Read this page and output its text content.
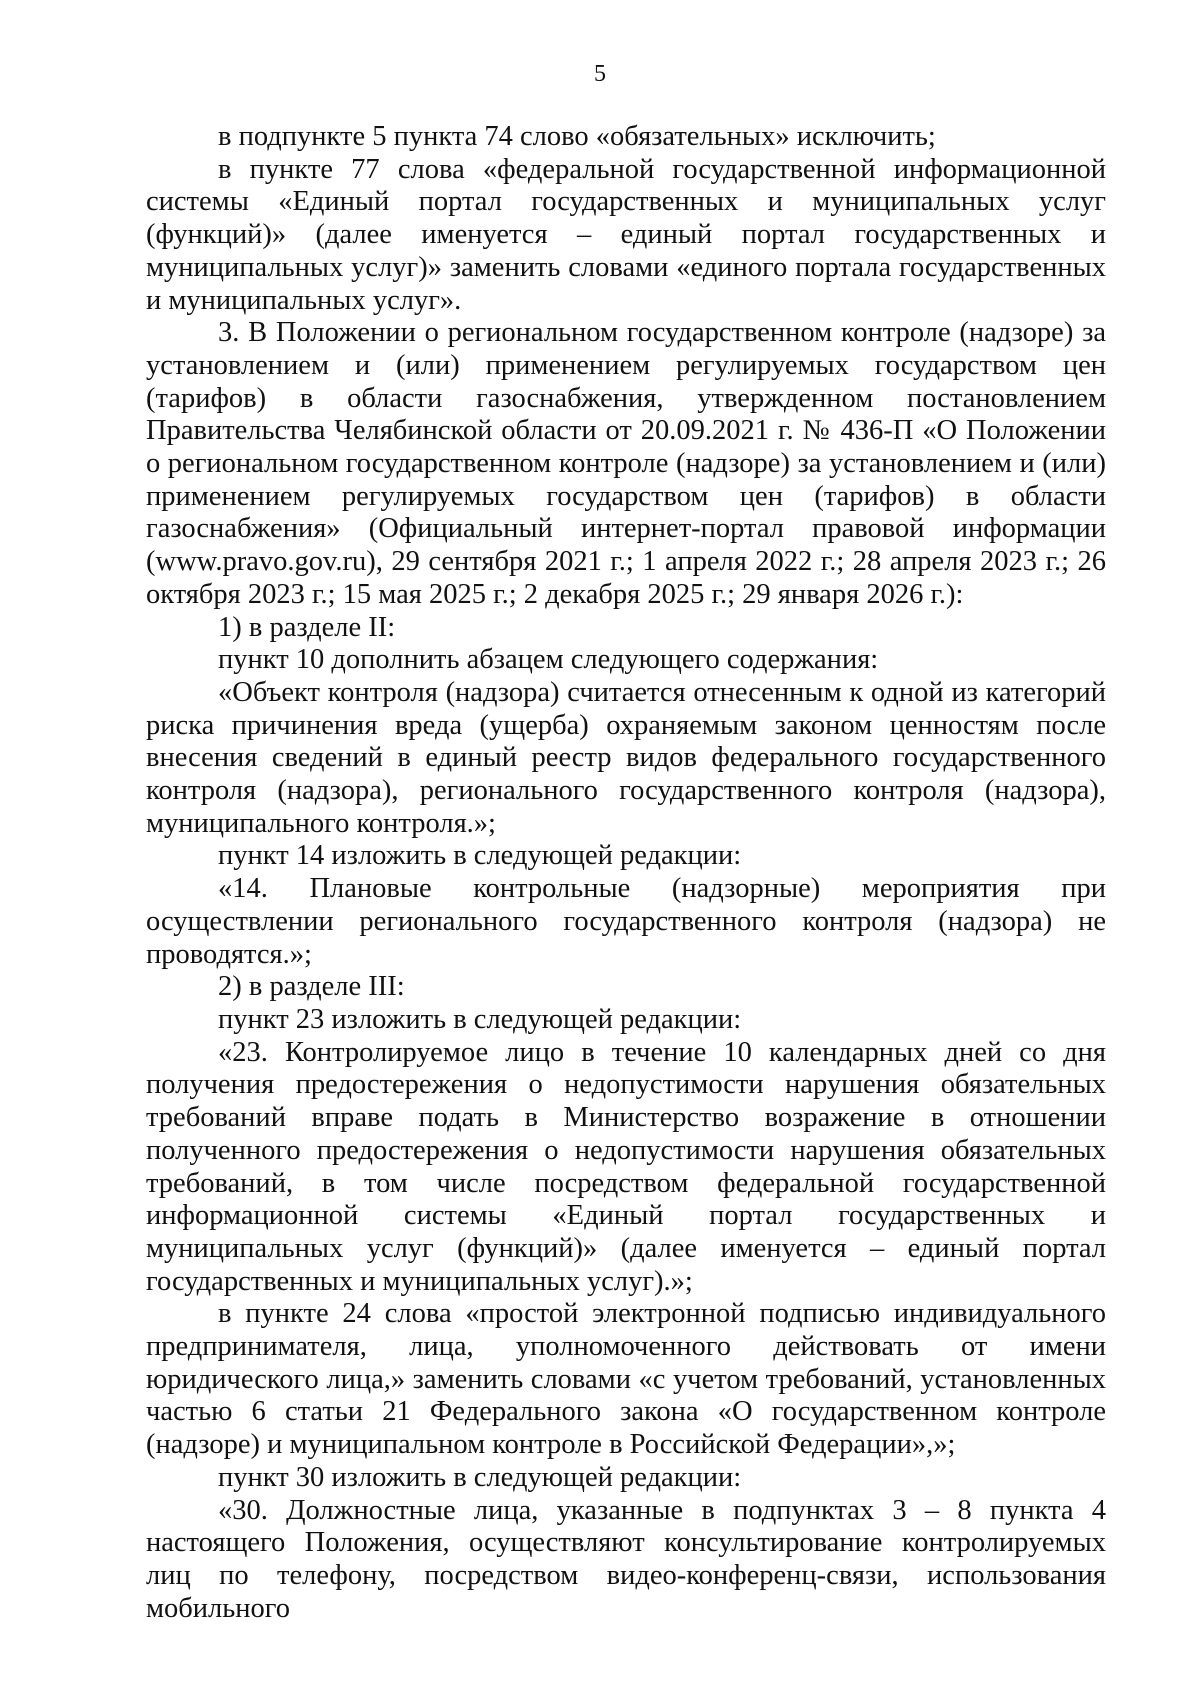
5

в подпункте 5 пункта 74 слово «обязательных» исключить;

в пункте 77 слова «федеральной государственной информационной системы «Единый портал государственных и муниципальных услуг (функций)» (далее именуется – единый портал государственных и муниципальных услуг)» заменить словами «единого портала государственных и муниципальных услуг».

3. В Положении о региональном государственном контроле (надзоре) за установлением и (или) применением регулируемых государством цен (тарифов) в области газоснабжения, утвержденном постановлением Правительства Челябинской области от 20.09.2021 г. № 436-П «О Положении о региональном государственном контроле (надзоре) за установлением и (или) применением регулируемых государством цен (тарифов) в области газоснабжения» (Официальный интернет-портал правовой информации (www.pravo.gov.ru), 29 сентября 2021 г.; 1 апреля 2022 г.; 28 апреля 2023 г.; 26 октября 2023 г.; 15 мая 2025 г.; 2 декабря 2025 г.; 29 января 2026 г.):

1) в разделе II:

пункт 10 дополнить абзацем следующего содержания:

«Объект контроля (надзора) считается отнесенным к одной из категорий риска причинения вреда (ущерба) охраняемым законом ценностям после внесения сведений в единый реестр видов федерального государственного контроля (надзора), регионального государственного контроля (надзора), муниципального контроля.»;

пункт 14 изложить в следующей редакции:

«14. Плановые контрольные (надзорные) мероприятия при осуществлении регионального государственного контроля (надзора) не проводятся.»;

2) в разделе III:

пункт 23 изложить в следующей редакции:

«23. Контролируемое лицо в течение 10 календарных дней со дня получения предостережения о недопустимости нарушения обязательных требований вправе подать в Министерство возражение в отношении полученного предостережения о недопустимости нарушения обязательных требований, в том числе посредством федеральной государственной информационной системы «Единый портал государственных и муниципальных услуг (функций)» (далее именуется – единый портал государственных и муниципальных услуг).»;

в пункте 24 слова «простой электронной подписью индивидуального предпринимателя, лица, уполномоченного действовать от имени юридического лица,» заменить словами «с учетом требований, установленных частью 6 статьи 21 Федерального закона «О государственном контроле (надзоре) и муниципальном контроле в Российской Федерации»,»;

пункт 30 изложить в следующей редакции:

«30. Должностные лица, указанные в подпунктах 3 – 8 пункта 4 настоящего Положения, осуществляют консультирование контролируемых лиц по телефону, посредством видео-конференц-связи, использования мобильного
